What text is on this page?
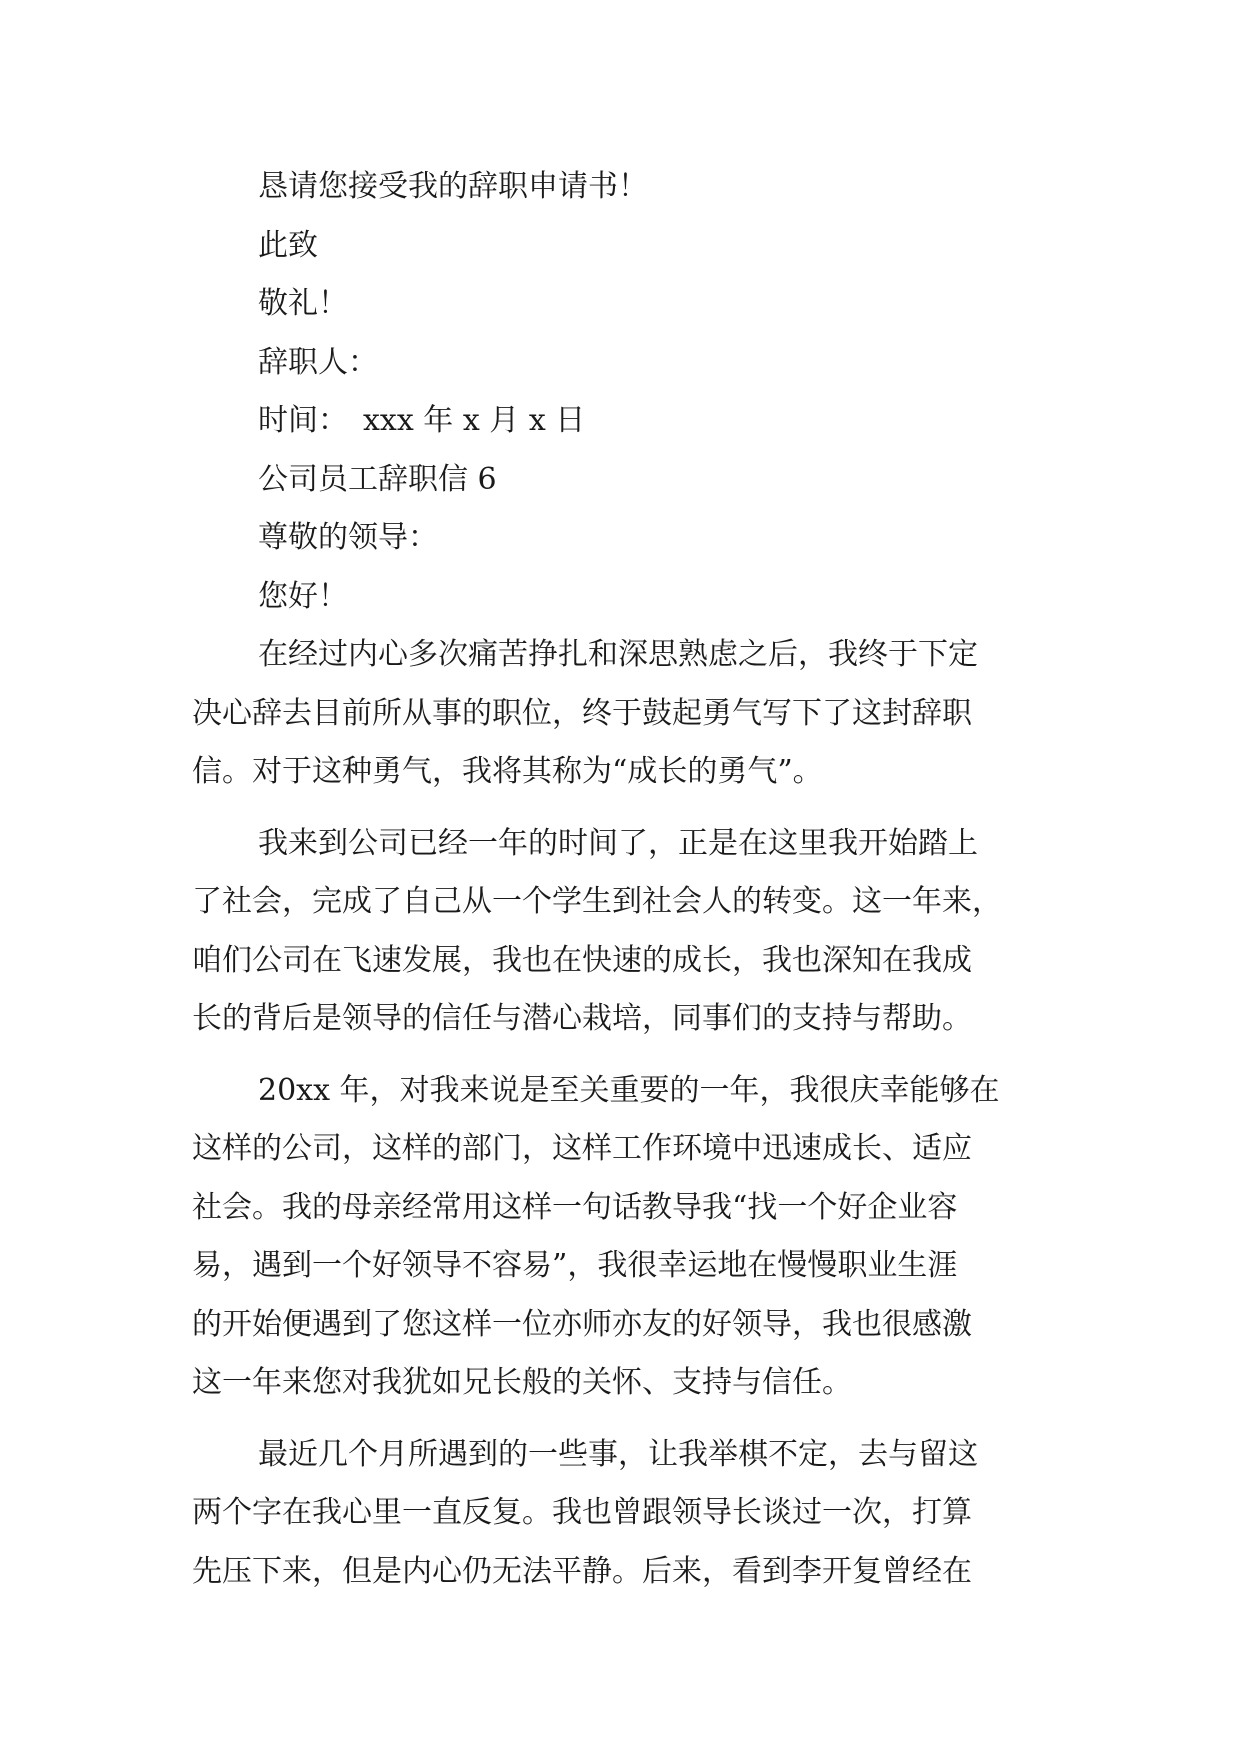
恳请您接受我的辞职申请书！

此致

敬礼！

辞职人：

时间：　xxx 年 x 月 x 日

公司员工辞职信 6

尊敬的领导：

您好！

在经过内心多次痛苦挣扎和深思熟虑之后，我终于下定
决心辞去目前所从事的职位，终于鼓起勇气写下了这封辞职
信。对于这种勇气，我将其称为“成长的勇气”。
我来到公司已经一年的时间了，正是在这里我开始踏上
了社会，完成了自己从一个学生到社会人的转变。这一年来，
咱们公司在飞速发展，我也在快速的成长，我也深知在我成
长的背后是领导的信任与潜心栽培，同事们的支持与帮助。
20xx 年，对我来说是至关重要的一年，我很庆幸能够在
这样的公司，这样的部门，这样工作环境中迅速成长、适应
社会。我的母亲经常用这样一句话教导我“找一个好企业容
易，遇到一个好领导不容易”，我很幸运地在慢慢职业生涯
的开始便遇到了您这样一位亦师亦友的好领导，我也很感激
这一年来您对我犹如兄长般的关怀、支持与信任。
最近几个月所遇到的一些事，让我举棋不定，去与留这
两个字在我心里一直反复。我也曾跟领导长谈过一次，打算
先压下来，但是内心仍无法平静。后来，看到李开复曾经在
